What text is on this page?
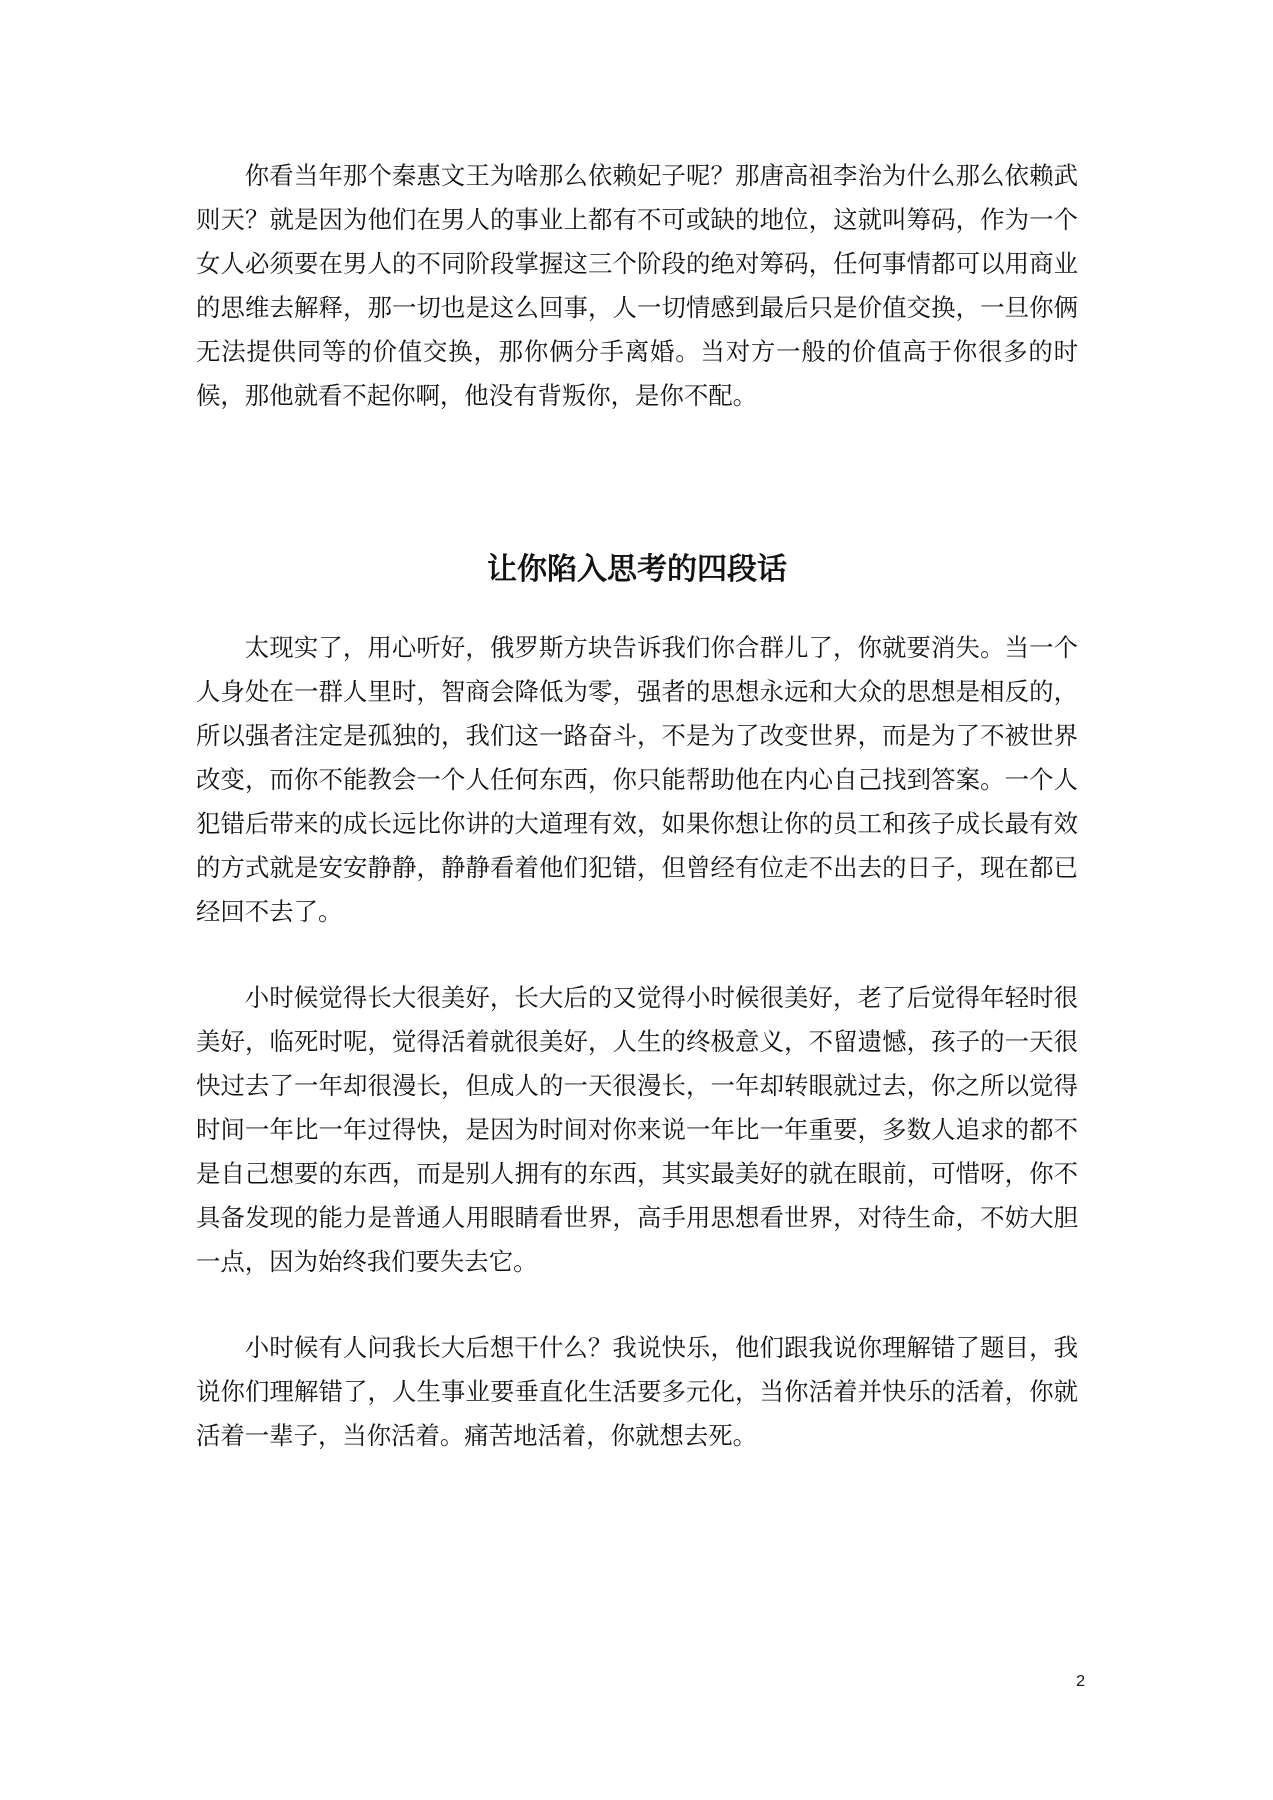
你看当年那个秦惠文王为啥那么依赖妃子呢？那唐高祖李治为什么那么依赖武则天？就是因为他们在男人的事业上都有不可或缺的地位，这就叫筹码，作为一个女人必须要在男人的不同阶段掌握这三个阶段的绝对筹码，任何事情都可以用商业的思维去解释，那一切也是这么回事，人一切情感到最后只是价值交换，一旦你俩无法提供同等的价值交换，那你俩分手离婚。当对方一般的价值高于你很多的时候，那他就看不起你啊，他没有背叛你，是你不配。

让你陷入思考的四段话

太现实了，用心听好，俄罗斯方块告诉我们你合群儿了，你就要消失。当一个人身处在一群人里时，智商会降低为零，强者的思想永远和大众的思想是相反的，所以强者注定是孤独的，我们这一路奋斗，不是为了改变世界，而是为了不被世界改变，而你不能教会一个人任何东西，你只能帮助他在内心自己找到答案。一个人犯错后带来的成长远比你讲的大道理有效，如果你想让你的员工和孩子成长最有效的方式就是安安静静，静静看着他们犯错，但曾经有位走不出去的日子，现在都已经回不去了。

小时候觉得长大很美好，长大后的又觉得小时候很美好，老了后觉得年轻时很美好，临死时呢，觉得活着就很美好，人生的终极意义，不留遗憾，孩子的一天很快过去了一年却很漫长，但成人的一天很漫长，一年却转眼就过去，你之所以觉得时间一年比一年过得快，是因为时间对你来说一年比一年重要，多数人追求的都不是自己想要的东西，而是别人拥有的东西，其实最美好的就在眼前，可惜呀，你不具备发现的能力是普通人用眼睛看世界，高手用思想看世界，对待生命，不妨大胆一点，因为始终我们要失去它。

小时候有人问我长大后想干什么？我说快乐，他们跟我说你理解错了题目，我说你们理解错了，人生事业要垂直化生活要多元化，当你活着并快乐的活着，你就活着一辈子，当你活着。痛苦地活着，你就想去死。

2
